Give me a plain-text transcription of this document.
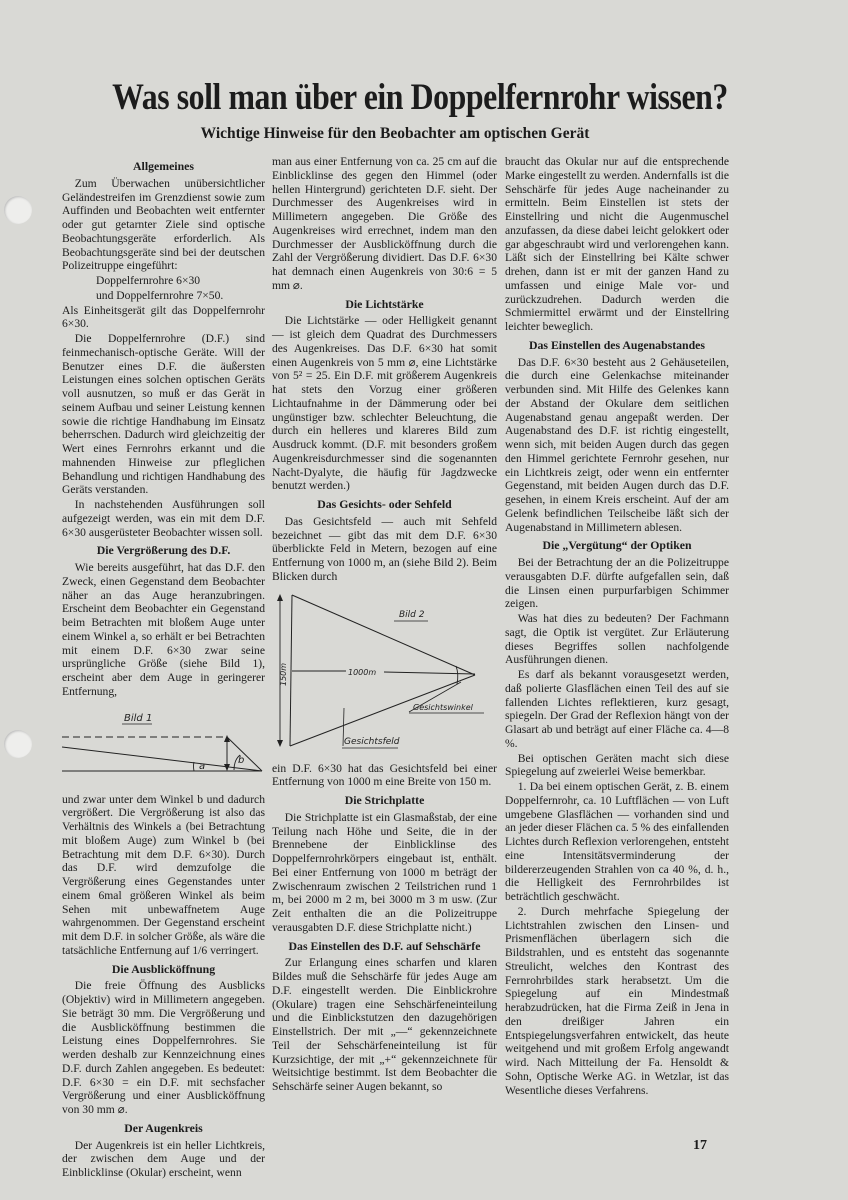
Was soll man über ein Doppelfernrohr wissen?
Wichtige Hinweise für den Beobachter am optischen Gerät
Allgemeines

Zum Überwachen unübersichtlicher Geländestreifen im Grenzdienst sowie zum Auffinden und Beobachten weit entfernter oder gut getarnter Ziele sind optische Beobachtungsgeräte erforderlich. Als Beobachtungsgeräte sind bei der deutschen Polizeitruppe eingeführt:

Doppelfernrohre 6×30

und Doppelfernrohre 7×50.

Als Einheitsgerät gilt das Doppelfernrohr 6×30.

Die Doppelfernrohre (D.F.) sind feinmechanisch-optische Geräte. Will der Benutzer eines D.F. die äußersten Leistungen eines solchen optischen Geräts voll ausnutzen, so muß er das Gerät in seinem Aufbau und seiner Leistung kennen sowie die richtige Handhabung im Einsatz beherrschen. Dadurch wird gleichzeitig der Wert eines Fernrohrs erkannt und die mahnenden Hinweise zur pfleglichen Behandlung und richtigen Handhabung des Geräts verstanden.

In nachstehenden Ausführungen soll aufgezeigt werden, was ein mit dem D.F. 6×30 ausgerüsteter Beobachter wissen soll.

Die Vergrößerung des D.F.

Wie bereits ausgeführt, hat das D.F. den Zweck, einen Gegenstand dem Beobachter näher an das Auge heranzubringen. Erscheint dem Beobachter ein Gegenstand beim Betrachten mit bloßem Auge unter einem Winkel a, so erhält er bei Betrachten mit einem D.F. 6×30 zwar seine ursprüngliche Größe (siehe Bild 1), erscheint aber dem Auge in geringerer Entfernung,

Bild 1
a
b

und zwar unter dem Winkel b und dadurch vergrößert. Die Vergrößerung ist also das Verhältnis des Winkels a (bei Betrachtung mit bloßem Auge) zum Winkel b (bei Betrachtung mit dem D.F. 6×30). Durch das D.F. wird demzufolge die Vergrößerung eines Gegenstandes unter einem 6mal größeren Winkel als beim Sehen mit unbewaffnetem Auge wahrgenommen. Der Gegenstand erscheint mit dem D.F. in solcher Größe, als wäre die tatsächliche Entfernung auf 1/6 verringert.

Die Ausblicköffnung

Die freie Öffnung des Ausblicks (Objektiv) wird in Millimetern angegeben. Sie beträgt 30 mm. Die Vergrößerung und die Ausblicköffnung bestimmen die Leistung eines Doppelfernrohres. Sie werden deshalb zur Kennzeichnung eines D.F. durch Zahlen angegeben. Es bedeutet: D.F. 6×30 = ein D.F. mit sechsfacher Vergrößerung und einer Ausblicköffnung von 30 mm ⌀.

Der Augenkreis

Der Augenkreis ist ein heller Lichtkreis, der zwischen dem Auge und der Einblicklinse (Okular) erscheint, wenn

man aus einer Entfernung von ca. 25 cm auf die Einblicklinse des gegen den Himmel (oder hellen Hintergrund) gerichteten D.F. sieht. Der Durchmesser des Augenkreises wird in Millimetern angegeben. Die Größe des Augenkreises wird errechnet, indem man den Durchmesser der Ausblicköffnung durch die Zahl der Vergrößerung dividiert. Das D.F. 6×30 hat demnach einen Augenkreis von 30:6 = 5 mm ⌀.

Die Lichtstärke

Die Lichtstärke — oder Helligkeit genannt — ist gleich dem Quadrat des Durchmessers des Augenkreises. Das D.F. 6×30 hat somit einen Augenkreis von 5 mm ⌀, eine Lichtstärke von 5² = 25. Ein D.F. mit größerem Augenkreis hat stets den Vorzug einer größeren Lichtaufnahme in der Dämmerung oder bei ungünstiger bzw. schlechter Beleuchtung, die durch ein helleres und klareres Bild zum Ausdruck kommt. (D.F. mit besonders großem Augenkreisdurchmesser sind die sogenannten Nacht-Dyalyte, die häufig für Jagdzwecke benutzt werden.)

Das Gesichts- oder Sehfeld

Das Gesichtsfeld — auch mit Sehfeld bezeichnet — gibt das mit dem D.F. 6×30 überblickte Feld in Metern, bezogen auf eine Entfernung von 1000 m, an (siehe Bild 2). Beim Blicken durch

Bild 2
150m	1000m
Gesichtswinkel
Gesichtsfeld

ein D.F. 6×30 hat das Gesichtsfeld bei einer Entfernung von 1000 m eine Breite von 150 m.

Die Strichplatte

Die Strichplatte ist ein Glasmaßstab, der eine Teilung nach Höhe und Seite, die in der Brennebene der Einblicklinse des Doppelfernrohrkörpers eingebaut ist, enthält. Bei einer Entfernung von 1000 m beträgt der Zwischenraum zwischen 2 Teilstrichen rund 1 m, bei 2000 m 2 m, bei 3000 m 3 m usw. (Zur Zeit enthalten die an die Polizeitruppe verausgabten D.F. diese Strichplatte nicht.)

Das Einstellen des D.F. auf Sehschärfe

Zur Erlangung eines scharfen und klaren Bildes muß die Sehschärfe für jedes Auge am D.F. eingestellt werden. Die Einblickrohre (Okulare) tragen eine Sehschärfeneinteilung und die Einblickstutzen den dazugehörigen Einstellstrich. Der mit „—“ gekennzeichnete Teil der Sehschärfeneinteilung ist für Kurzsichtige, der mit „+“ gekennzeichnete für Weitsichtige bestimmt. Ist dem Beobachter die Sehschärfe seiner Augen bekannt, so

braucht das Okular nur auf die entsprechende Marke eingestellt zu werden. Andernfalls ist die Sehschärfe für jedes Auge nacheinander zu ermitteln. Beim Einstellen ist stets der Einstellring und nicht die Augenmuschel anzufassen, da diese dabei leicht gelokkert oder gar abgeschraubt wird und verlorengehen kann. Läßt sich der Einstellring bei Kälte schwer drehen, dann ist er mit der ganzen Hand zu umfassen und einige Male vor- und zurückzudrehen. Dadurch werden die Schmiermittel erwärmt und der Einstellring leichter beweglich.

Das Einstellen des Augenabstandes

Das D.F. 6×30 besteht aus 2 Gehäuseteilen, die durch eine Gelenkachse miteinander verbunden sind. Mit Hilfe des Gelenkes kann der Abstand der Okulare dem seitlichen Augenabstand genau angepaßt werden. Der Augenabstand des D.F. ist richtig eingestellt, wenn sich, mit beiden Augen durch das gegen den Himmel gerichtete Fernrohr gesehen, nur ein Lichtkreis zeigt, oder wenn ein entfernter Gegenstand, mit beiden Augen durch das D.F. gesehen, in einem Kreis erscheint. Auf der am Gelenk befindlichen Teilscheibe läßt sich der Augenabstand in Millimetern ablesen.

Die „Vergütung“ der Optiken

Bei der Betrachtung der an die Polizeitruppe verausgabten D.F. dürfte aufgefallen sein, daß die Linsen einen purpurfarbigen Schimmer zeigen.

Was hat dies zu bedeuten? Der Fachmann sagt, die Optik ist vergütet. Zur Erläuterung dieses Begriffes sollen nachfolgende Ausführungen dienen.

Es darf als bekannt vorausgesetzt werden, daß polierte Glasflächen einen Teil des auf sie fallenden Lichtes reflektieren, kurz gesagt, spiegeln. Der Grad der Reflexion hängt von der Glasart ab und beträgt auf einer Fläche ca. 4—8 %.

Bei optischen Geräten macht sich diese Spiegelung auf zweierlei Weise bemerkbar.

1. Da bei einem optischen Gerät, z. B. einem Doppelfernrohr, ca. 10 Luftflächen — von Luft umgebene Glasflächen — vorhanden sind und an jeder dieser Flächen ca. 5 % des einfallenden Lichtes durch Reflexion verlorengehen, entsteht eine Intensitätsverminderung der bildererzeugenden Strahlen von ca 40 %, d. h., die Helligkeit des Fernrohrbildes ist beträchtlich geschwächt.

2. Durch mehrfache Spiegelung der Lichtstrahlen zwischen den Linsen- und Prismenflächen überlagern sich die Bildstrahlen, und es entsteht das sogenannte Streulicht, welches den Kontrast des Fernrohrbildes stark herabsetzt. Um die Spiegelung auf ein Mindestmaß herabzudrücken, hat die Firma Zeiß in Jena in den dreißiger Jahren ein Entspiegelungsverfahren entwickelt, das heute weitgehend und mit großem Erfolg angewandt wird. Nach Mitteilung der Fa. Hensoldt & Sohn, Optische Werke AG. in Wetzlar, ist das Wesentliche dieses Verfahrens.

17
